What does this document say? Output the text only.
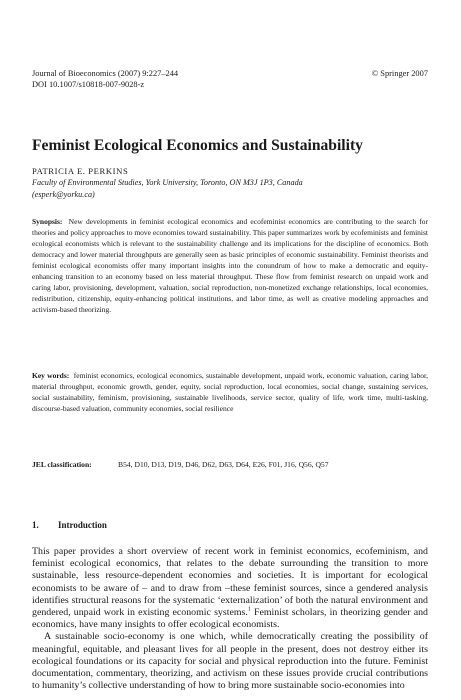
Journal of Bioeconomics (2007) 9:227–244
DOI 10.1007/s10818-007-9028-z
© Springer 2007
Feminist Ecological Economics and Sustainability
PATRICIA E. PERKINS
Faculty of Environmental Studies, York University, Toronto, ON M3J 1P3, Canada
(esperk@yorku.ca)
Synopsis: New developments in feminist ecological economics and ecofeminist economics are contributing to the search for theories and policy approaches to move economies toward sustainability. This paper summarizes work by ecofeminists and feminist ecological economists which is relevant to the sustainability challenge and its implications for the discipline of economics. Both democracy and lower material throughputs are generally seen as basic principles of economic sustainability. Feminist theorists and feminist ecological economists offer many important insights into the conundrum of how to make a democratic and equity-enhancing transition to an economy based on less material throughput. These flow from feminist research on unpaid work and caring labor, provisioning, development, valuation, social reproduction, non-monetized exchange relationships, local economies, redistribution, citizenship, equity-enhancing political institutions, and labor time, as well as creative modeling approaches and activism-based theorizing.
Key words: feminist economics, ecological economics, sustainable development, unpaid work, economic valuation, caring labor, material throughput, economic growth, gender, equity, social reproduction, local economies, social change, sustaining services, social sustainability, feminism, provisioning, sustainable livelihoods, service sector, quality of life, work time, multi-tasking, discourse-based valuation, community economies, social resilience
JEL classification:	B54, D10, D13, D19, D46, D62, D63, D64, E26, F01, J16, Q56, Q57
1. Introduction

This paper provides a short overview of recent work in feminist economics, ecofeminism, and feminist ecological economics, that relates to the debate surrounding the transition to more sustainable, less resource-dependent economies and societies. It is important for ecological economists to be aware of – and to draw from –these feminist sources, since a gendered analysis identifies structural reasons for the systematic ‘externalization’ of both the natural environment and gendered, unpaid work in existing economic systems.$^1$ Feminist scholars, in theorizing gender and economics, have many insights to offer ecological economists.

A sustainable socio-economy is one which, while democratically creating the possibility of meaningful, equitable, and pleasant lives for all people in the present, does not destroy either its ecological foundations or its capacity for social and physical reproduction into the future. Feminist documentation, commentary, theorizing, and activism on these issues provide crucial contributions to humanity’s collective understanding of how to bring more sustainable socio-economies into
